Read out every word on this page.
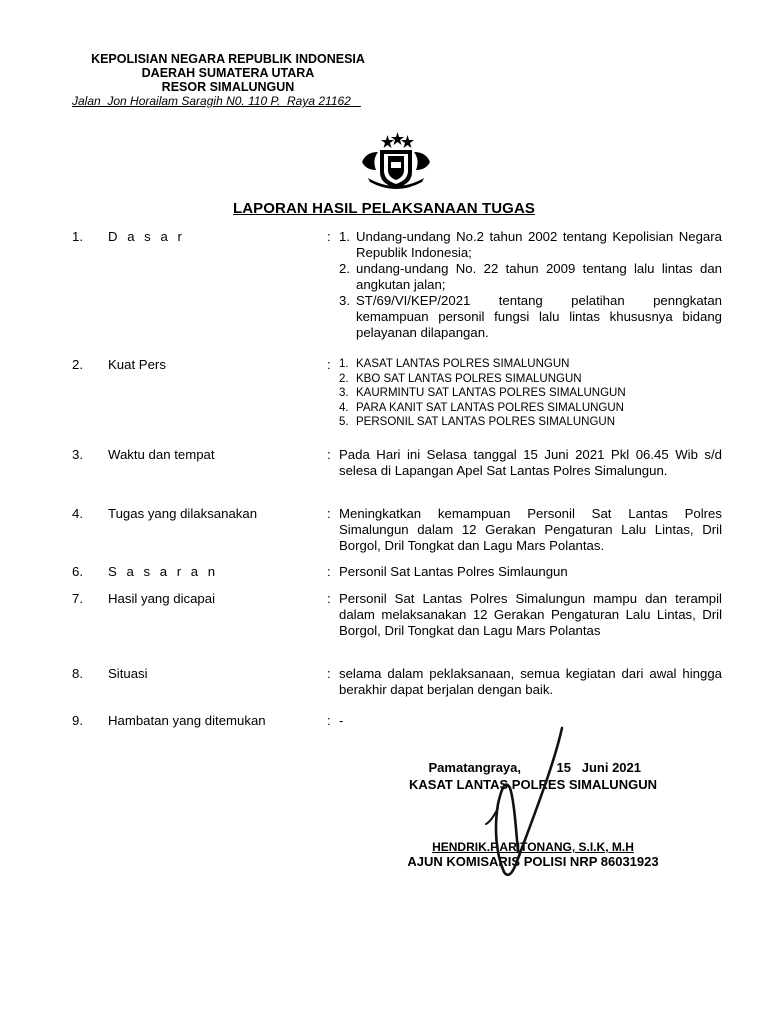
KEPOLISIAN NEGARA REPUBLIK INDONESIA
DAERAH SUMATERA UTARA
RESOR SIMALUNGUN
Jalan  Jon Horailam Saragih N0. 110 P.  Raya 21162
LAPORAN HASIL PELAKSANAAN TUGAS
1. D a s a r	: 1. Undang-undang No.2 tahun 2002 tentang Kepolisian Negara Republik Indonesia;
2. undang-undang No. 22 tahun 2009 tentang lalu lintas dan angkutan jalan;
3. ST/69/VI/KEP/2021 tentang pelatihan penngkatan kemampuan personil fungsi lalu lintas khususnya bidang pelayanan dilapangan.
2. Kuat Pers	: 1. KASAT LANTAS POLRES SIMALUNGUN
2. KBO SAT LANTAS POLRES SIMALUNGUN
3. KAURMINTU SAT LANTAS POLRES SIMALUNGUN
4. PARA KANIT SAT LANTAS POLRES SIMALUNGUN
5. PERSONIL SAT LANTAS POLRES SIMALUNGUN
3. Waktu dan tempat	: Pada Hari ini Selasa tanggal 15 Juni 2021 Pkl 06.45 Wib s/d selesa di Lapangan Apel Sat Lantas Polres Simalungun.
4. Tugas yang dilaksanakan	: Meningkatkan kemampuan Personil Sat Lantas Polres Simalungun dalam 12 Gerakan Pengaturan Lalu Lintas, Dril Borgol, Dril Tongkat dan Lagu Mars Polantas.
6. S a s a r a n	: Personil Sat Lantas Polres Simlaungun
7. Hasil yang dicapai	: Personil Sat Lantas Polres Simalungun mampu dan terampil dalam melaksanakan 12 Gerakan Pengaturan Lalu Lintas, Dril Borgol, Dril Tongkat dan Lagu Mars Polantas
8. Situasi	: selama dalam peklaksanaan, semua kegiatan dari awal hingga berakhir dapat berjalan dengan baik.
9. Hambatan yang ditemukan	: -
Pamatangraya,	15 Juni 2021
KASAT LANTAS POLRES SIMALUNGUN
HENDRIK.F.ARITONANG, S.I.K, M.H
AJUN KOMISARIS POLISI NRP 86031923
